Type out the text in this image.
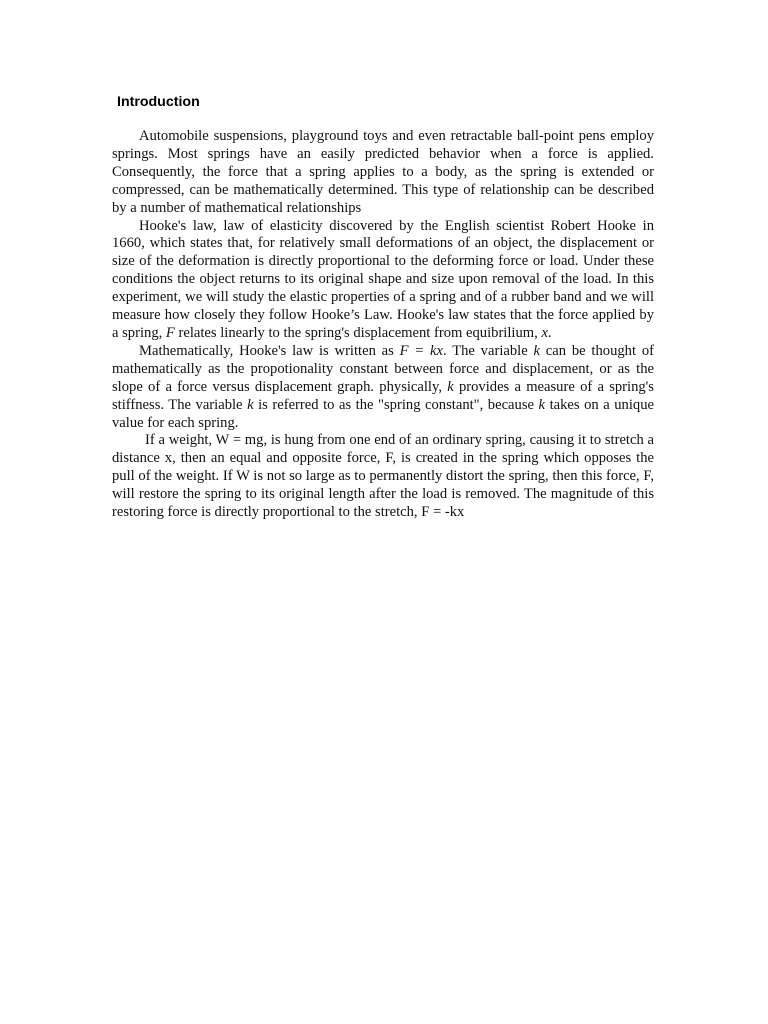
Introduction

Automobile suspensions, playground toys and even retractable ball-point pens employ springs. Most springs have an easily predicted behavior when a force is applied. Consequently, the force that a spring applies to a body, as the spring is extended or compressed, can be mathematically determined. This type of relationship can be described by a number of mathematical relationships

Hooke's law, law of elasticity discovered by the English scientist Robert Hooke in 1660, which states that, for relatively small deformations of an object, the displacement or size of the deformation is directly proportional to the deforming force or load. Under these conditions the object returns to its original shape and size upon removal of the load. In this experiment, we will study the elastic properties of a spring and of a rubber band and we will measure how closely they follow Hooke’s Law. Hooke's law states that the force applied by a spring, F relates linearly to the spring's displacement from equibrilium, x.

Mathematically, Hooke's law is written as F = kx. The variable k can be thought of mathematically as the propotionality constant between force and displacement, or as the slope of a force versus displacement graph. physically, k provides a measure of a spring's stiffness. The variable k is referred to as the "spring constant", because k takes on a unique value for each spring.

If a weight, W = mg, is hung from one end of an ordinary spring, causing it to stretch a distance x, then an equal and opposite force, F, is created in the spring which opposes the pull of the weight. If W is not so large as to permanently distort the spring, then this force, F, will restore the spring to its original length after the load is removed. The magnitude of this restoring force is directly proportional to the stretch, F = -kx
